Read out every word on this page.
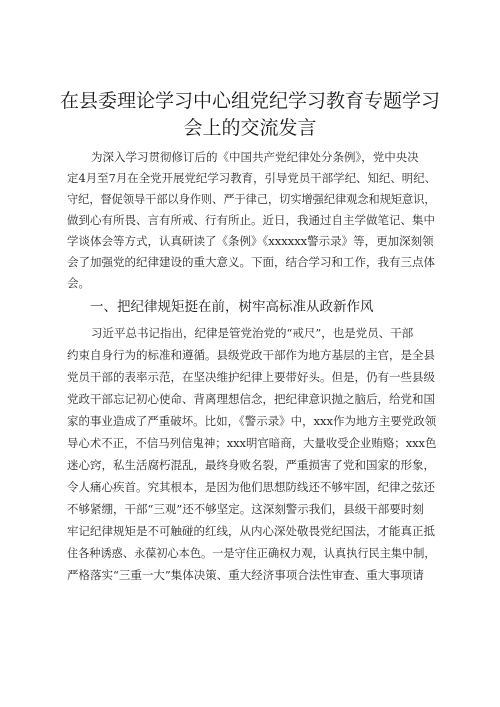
在县委理论学习中心组党纪学习教育专题学习
会上的交流发言
为深入学习贯彻修订后的《中国共产党纪律处分条例》，党中央决
定4月至7月在全党开展党纪学习教育，引导党员干部学纪、知纪、明纪、
守纪，督促领导干部以身作则、严于律己，切实增强纪律观念和规矩意识，
做到心有所畏、言有所戒、行有所止。近日，我通过自主学做笔记、集中
学谈体会等方式，认真研读了《条例》《xxxxxx警示录》等，更加深刻领
会了加强党的纪律建设的重大意义。下面，结合学习和工作，我有三点体
会。
一、把纪律规矩挺在前，树牢高标准从政新作风
习近平总书记指出，纪律是管党治党的“戒尺”，也是党员、干部
约束自身行为的标准和遵循。县级党政干部作为地方基层的主官，是全县
党员干部的表率示范，在坚决维护纪律上要带好头。但是，仍有一些县级
党政干部忘记初心使命、背离理想信念，把纪律意识抛之脑后，给党和国
家的事业造成了严重破坏。比如，《警示录》中，xxx作为地方主要党政领
导心术不正，不信马列信鬼神；xxx明官暗商，大量收受企业贿赂；xxx色
迷心窍，私生活腐朽混乱，最终身败名裂，严重损害了党和国家的形象，
令人痛心疾首。究其根本，是因为他们思想防线还不够牢固，纪律之弦还
不够紧绷，干部“三观”还不够坚定。这深刻警示我们，县级干部要时刻
牢记纪律规矩是不可触碰的红线，从内心深处敬畏党纪国法，才能真正抵
住各种诱惑、永葆初心本色。一是守住正确权力观，认真执行民主集中制，
严格落实“三重一大”集体决策、重大经济事项合法性审查、重大事项请
